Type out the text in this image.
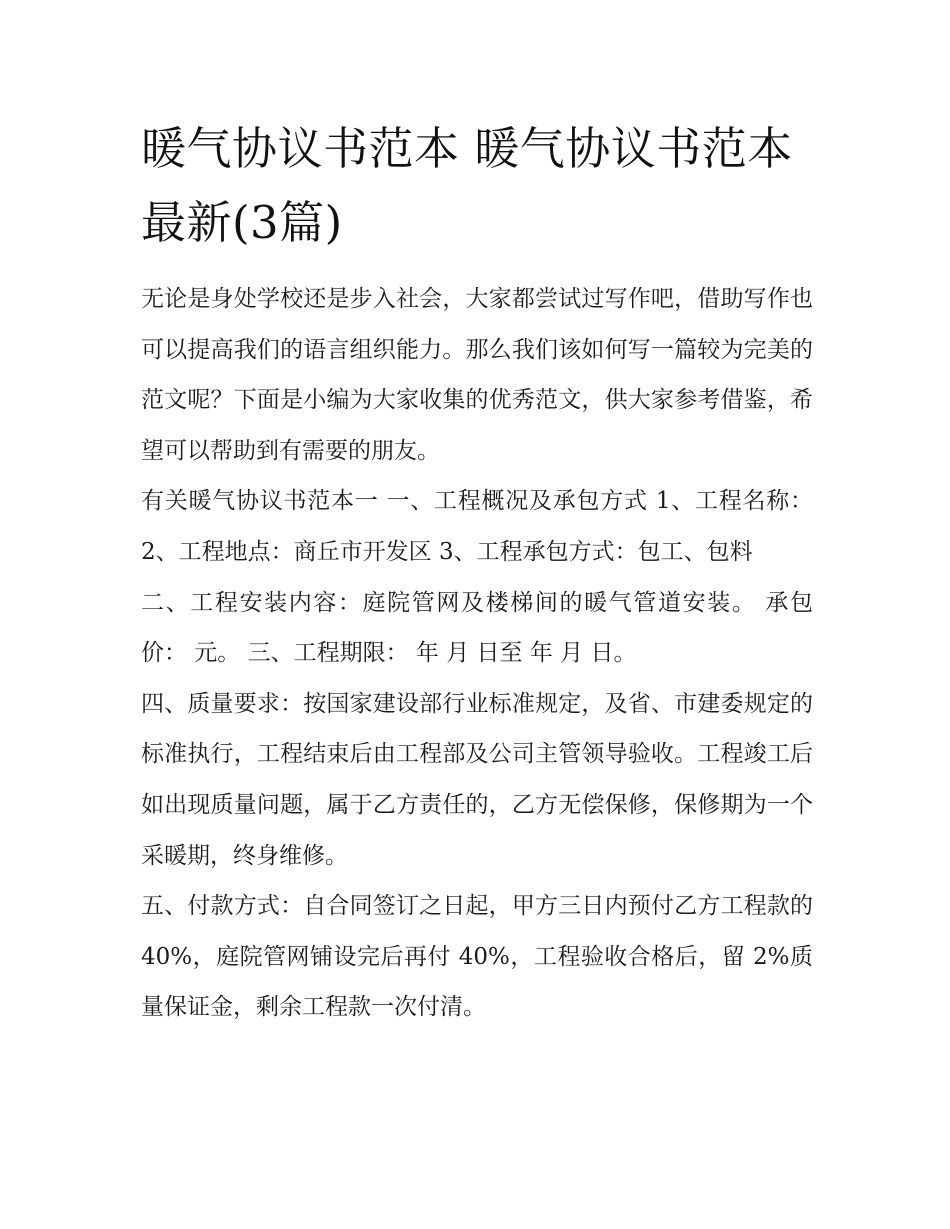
暖气协议书范本 暖气协议书范本最新(3篇)

无论是身处学校还是步入社会，大家都尝试过写作吧，借助写作也可以提高我们的语言组织能力。那么我们该如何写一篇较为完美的范文呢？下面是小编为大家收集的优秀范文，供大家参考借鉴，希望可以帮助到有需要的朋友。

有关暖气协议书范本一 一、工程概况及承包方式 1、工程名称： 2、工程地点：商丘市开发区 3、工程承包方式：包工、包料

二、工程安装内容：庭院管网及楼梯间的暖气管道安装。 承包价： 元。 三、工程期限： 年 月 日至 年 月 日。

四、质量要求：按国家建设部行业标准规定，及省、市建委规定的标准执行，工程结束后由工程部及公司主管领导验收。工程竣工后如出现质量问题，属于乙方责任的，乙方无偿保修，保修期为一个采暖期，终身维修。

五、付款方式：自合同签订之日起，甲方三日内预付乙方工程款的 40%，庭院管网铺设完后再付 40%，工程验收合格后，留 2%质量保证金，剩余工程款一次付清。
